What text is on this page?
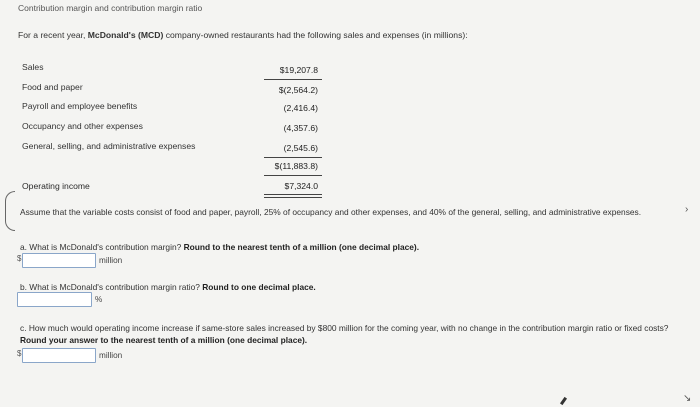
Contribution margin and contribution margin ratio
For a recent year, McDonald's (MCD) company-owned restaurants had the following sales and expenses (in millions):
Sales	$19,207.8
Food and paper	$(2,564.2)
Payroll and employee benefits	(2,416.4)
Occupancy and other expenses	(4,357.6)
General, selling, and administrative expenses	(2,545.6)
$(11,883.8)
Operating income	$7,324.0
Assume that the variable costs consist of food and paper, payroll, 25% of occupancy and other expenses, and 40% of the general, selling, and administrative expenses.
a. What is McDonald's contribution margin? Round to the nearest tenth of a million (one decimal place).
$	million
b. What is McDonald's contribution margin ratio? Round to one decimal place.
%
c. How much would operating income increase if same-store sales increased by $800 million for the coming year, with no change in the contribution margin ratio or fixed costs? Round your answer to the nearest tenth of a million (one decimal place).
$	million
›
↘
